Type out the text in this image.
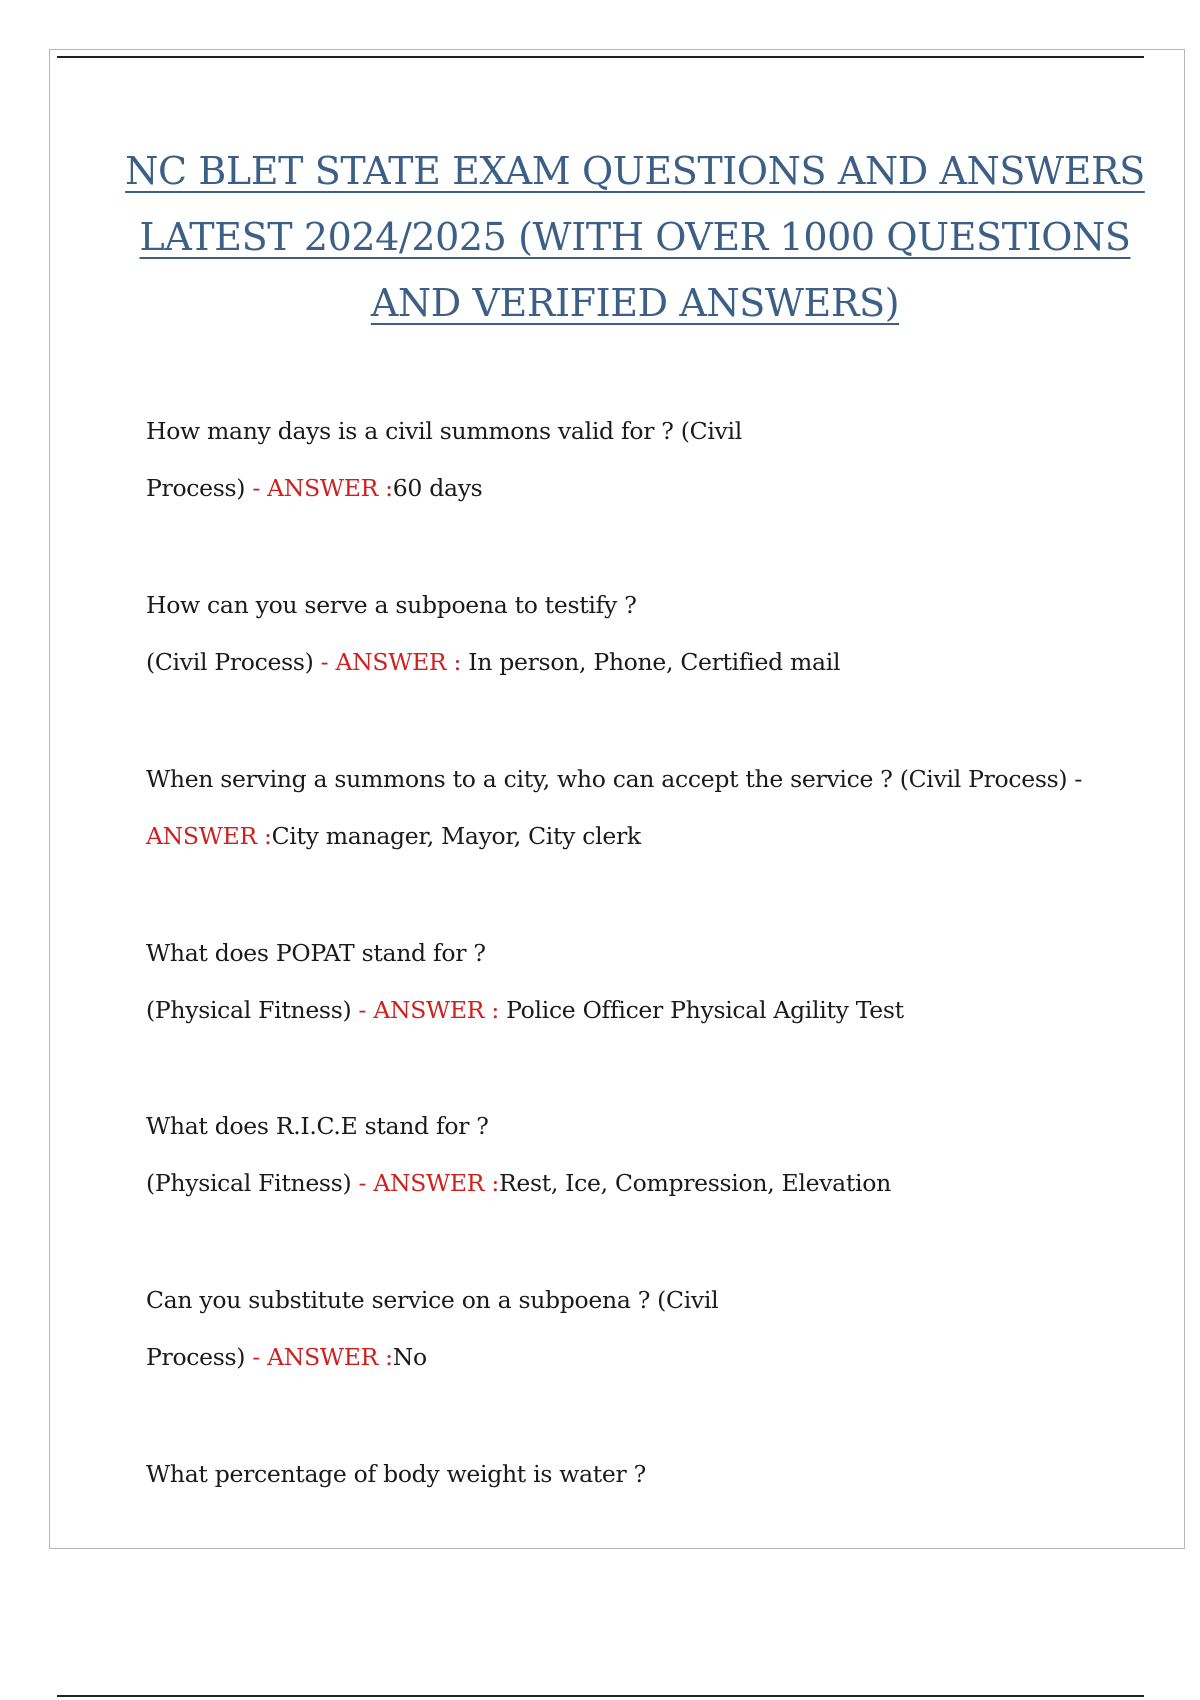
NC BLET STATE EXAM QUESTIONS AND ANSWERS
LATEST 2024/2025 (WITH OVER 1000 QUESTIONS
AND VERIFIED ANSWERS)

How many days is a civil summons valid for ? (Civil

Process) - ANSWER :60 days

How can you serve a subpoena to testify ?

(Civil Process) - ANSWER : In person, Phone, Certified mail

When serving a summons to a city, who can accept the service ? (Civil Process) -

ANSWER :City manager, Mayor, City clerk

What does POPAT stand for ?

(Physical Fitness) - ANSWER : Police Officer Physical Agility Test

What does R.I.C.E stand for ?

(Physical Fitness) - ANSWER :Rest, Ice, Compression, Elevation

Can you substitute service on a subpoena ? (Civil

Process) - ANSWER :No

What percentage of body weight is water ?
